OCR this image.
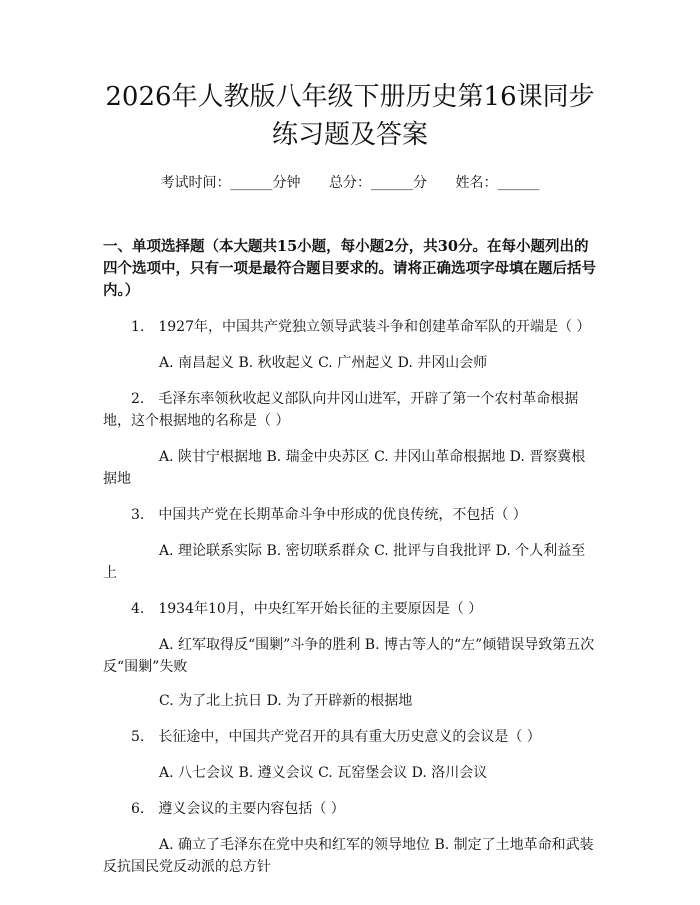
2026年人教版八年级下册历史第16课同步
练习题及答案
考试时间：______分钟 总分：______分 姓名：______
一、单项选择题（本大题共15小题，每小题2分，共30分。在每小题列出的四个选项中，只有一项是最符合题目要求的。请将正确选项字母填在题后括号内。）
1. 1927年，中国共产党独立领导武装斗争和创建革命军队的开端是（ ）
A. 南昌起义 B. 秋收起义 C. 广州起义 D. 井冈山会师
2. 毛泽东率领秋收起义部队向井冈山进军，开辟了第一个农村革命根据地，这个根据地的名称是（ ）
A. 陕甘宁根据地 B. 瑞金中央苏区 C. 井冈山革命根据地 D. 晋察冀根据地
3. 中国共产党在长期革命斗争中形成的优良传统，不包括（ ）
A. 理论联系实际 B. 密切联系群众 C. 批评与自我批评 D. 个人利益至上
4. 1934年10月，中央红军开始长征的主要原因是（ ）
A. 红军取得反“围剿”斗争的胜利 B. 博古等人的“左”倾错误导致第五次反“围剿”失败
C. 为了北上抗日 D. 为了开辟新的根据地
5. 长征途中，中国共产党召开的具有重大历史意义的会议是（ ）
A. 八七会议 B. 遵义会议 C. 瓦窑堡会议 D. 洛川会议
6. 遵义会议的主要内容包括（ ）
A. 确立了毛泽东在党中央和红军的领导地位 B. 制定了土地革命和武装反抗国民党反动派的总方针
